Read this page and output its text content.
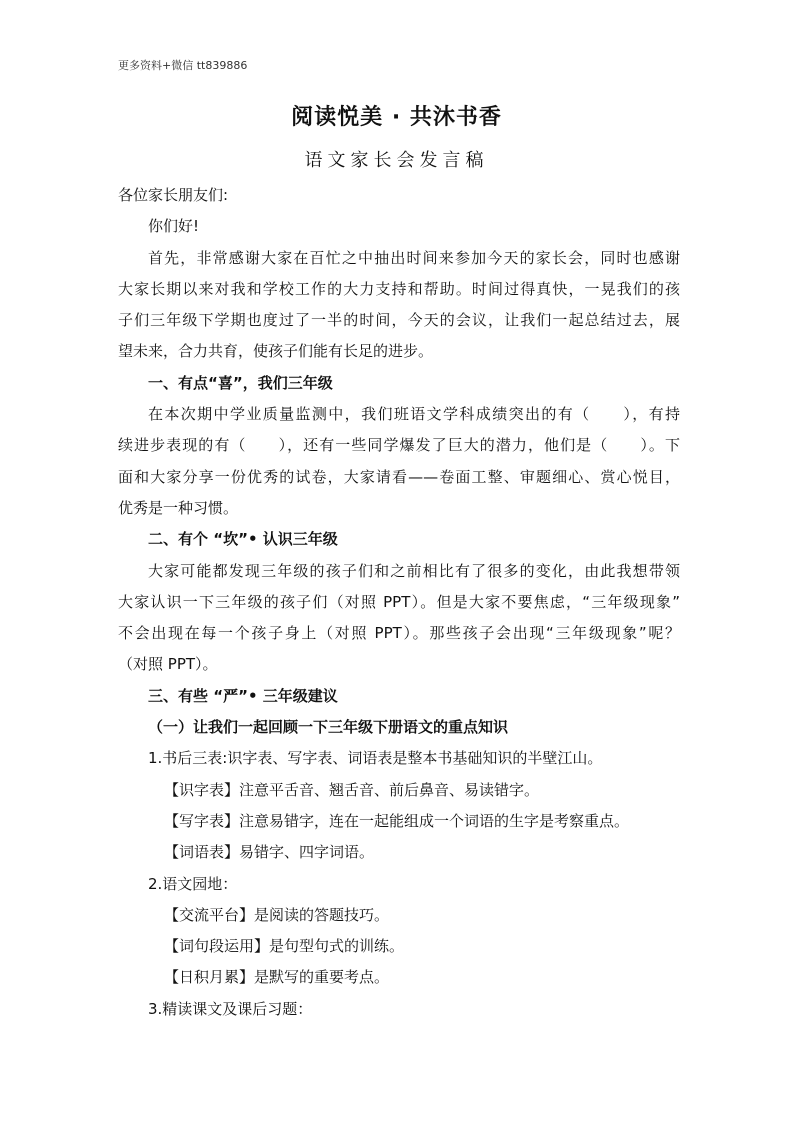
更多资料+微信 tt839886
阅读悦美 · 共沐书香
语文家长会发言稿
各位家长朋友们:
你们好!
首先，非常感谢大家在百忙之中抽出时间来参加今天的家长会，同时也感谢
大家长期以来对我和学校工作的大力支持和帮助。时间过得真快，一晃我们的孩
子们三年级下学期也度过了一半的时间，今天的会议，让我们一起总结过去，展
望未来，合力共育，使孩子们能有长足的进步。
一、有点“喜”，我们三年级
在本次期中学业质量监测中，我们班语文学科成绩突出的有（　　），有持
续进步表现的有（　　），还有一些同学爆发了巨大的潜力，他们是（　　）。下
面和大家分享一份优秀的试卷，大家请看——卷面工整、审题细心、赏心悦目，
优秀是一种习惯。
二、有个 “坎”• 认识三年级
大家可能都发现三年级的孩子们和之前相比有了很多的变化，由此我想带领
大家认识一下三年级的孩子们（对照 PPT）。但是大家不要焦虑，“三年级现象”
不会出现在每一个孩子身上（对照 PPT）。那些孩子会出现“三年级现象”呢？
（对照 PPT）。
三、有些 “严”• 三年级建议
（一）让我们一起回顾一下三年级下册语文的重点知识
1.书后三表:识字表、写字表、词语表是整本书基础知识的半壁江山。
【识字表】注意平舌音、翘舌音、前后鼻音、易读错字。
【写字表】注意易错字，连在一起能组成一个词语的生字是考察重点。
【词语表】易错字、四字词语。
2.语文园地：
【交流平台】是阅读的答题技巧。
【词句段运用】是句型句式的训练。
【日积月累】是默写的重要考点。
3.精读课文及课后习题：
